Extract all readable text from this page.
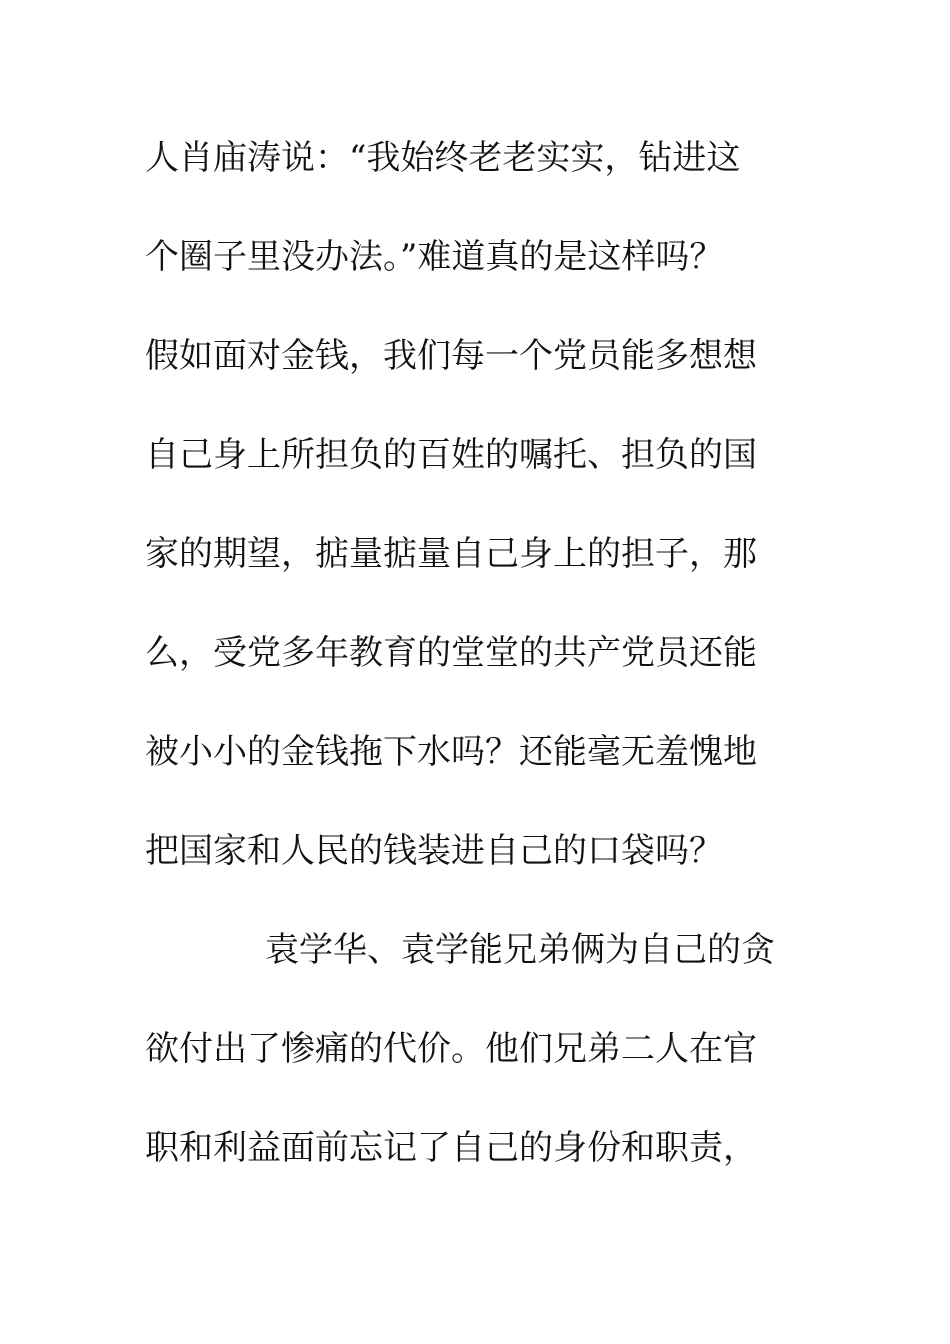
人肖庙涛说：“我始终老老实实，钻进这

个圈子里没办法。”难道真的是这样吗？

假如面对金钱，我们每一个党员能多想想

自己身上所担负的百姓的嘱托、担负的国

家的期望，掂量掂量自己身上的担子，那

么，受党多年教育的堂堂的共产党员还能

被小小的金钱拖下水吗？还能毫无羞愧地

把国家和人民的钱装进自己的口袋吗？

袁学华、袁学能兄弟俩为自己的贪

欲付出了惨痛的代价。他们兄弟二人在官

职和利益面前忘记了自己的身份和职责，
